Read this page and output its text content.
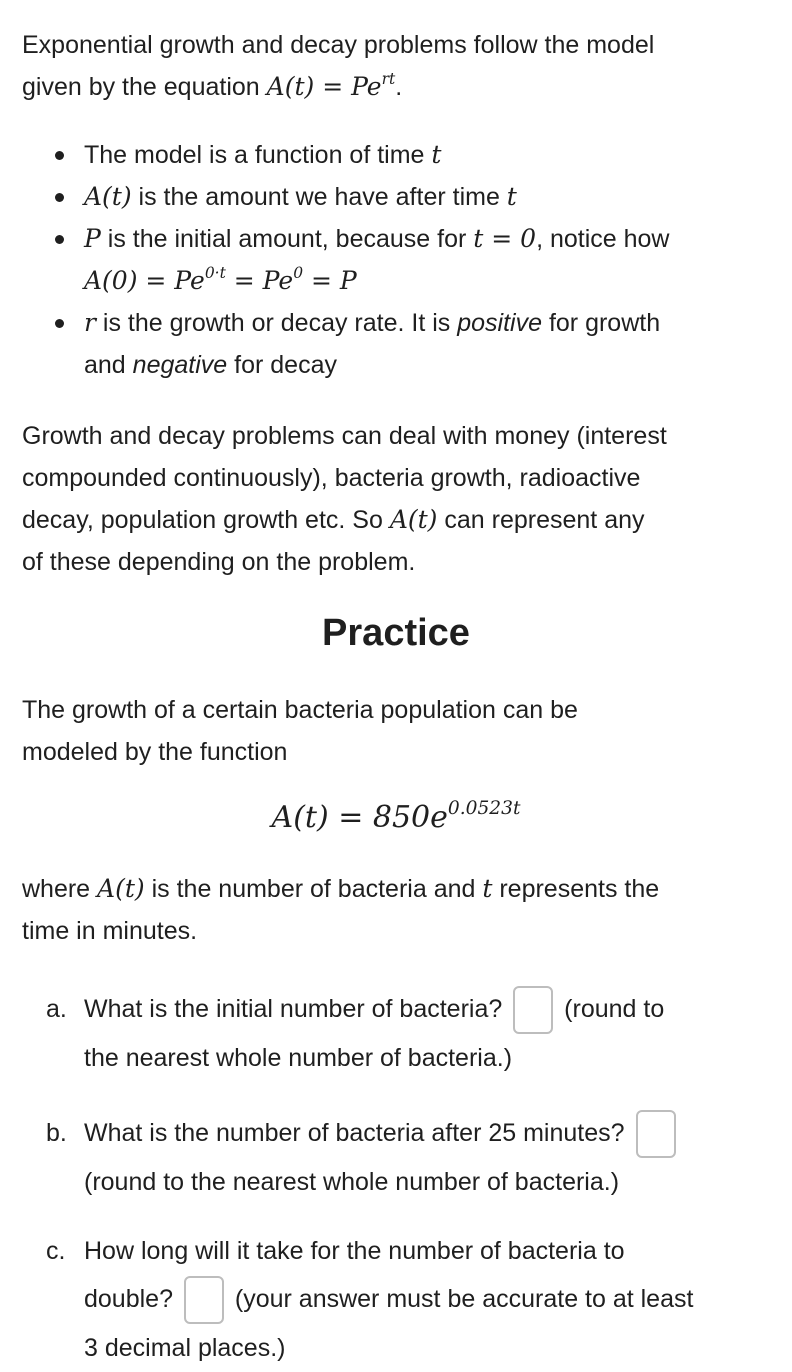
Exponential growth and decay problems follow the model
given by the equation $A(t) = Pe^{rt}$.

The model is a function of time t
A(t) is the amount we have after time t
P is the initial amount, because for t = 0, notice how
$A(0) = Pe^{0\cdot t} = Pe^0 = P$
r is the growth or decay rate. It is positive for growth
and negative for decay

Growth and decay problems can deal with money (interest
compounded continuously), bacteria growth, radioactive
decay, population growth etc. So A(t) can represent any
of these depending on the problem.

Practice

The growth of a certain bacteria population can be
modeled by the function

$A(t) = 850e^{0.0523t}$

where A(t) is the number of bacteria and t represents the
time in minutes.

a. What is the initial number of bacteria? (round to
the nearest whole number of bacteria.)
b. What is the number of bacteria after 25 minutes?
(round to the nearest whole number of bacteria.)
c. How long will it take for the number of bacteria to
double? (your answer must be accurate to at least
3 decimal places.)
